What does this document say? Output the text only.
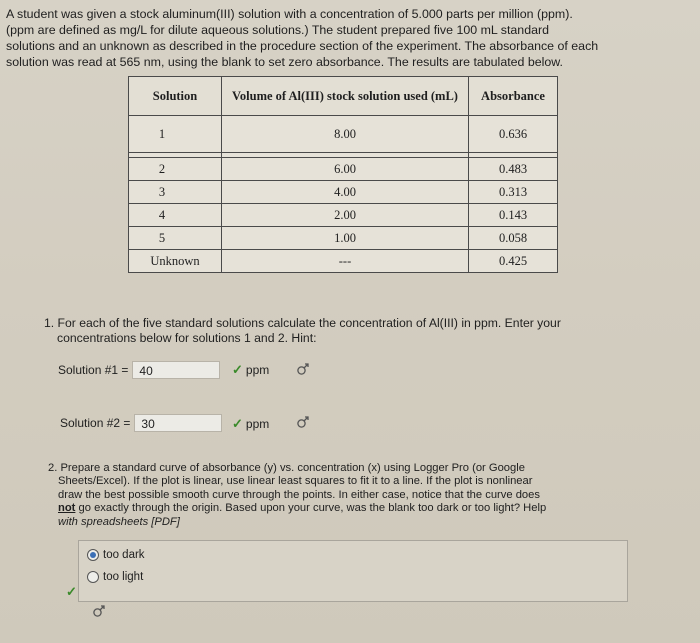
A student was given a stock aluminum(III) solution with a concentration of 5.000 parts per million (ppm).
(ppm are defined as mg/L for dilute aqueous solutions.) The student prepared five 100 mL standard
solutions and an unknown as described in the procedure section of the experiment. The absorbance of each
solution was read at 565 nm, using the blank to set zero absorbance. The results are tabulated below.
Solution	Volume of Al(III) stock solution used (mL)	Absorbance
1	8.00	0.636

2	6.00	0.483
3	4.00	0.313
4	2.00	0.143
5	1.00	0.058
Unknown	---	0.425
1. For each of the five standard solutions calculate the concentration of Al(III) in ppm. Enter your
concentrations below for solutions 1 and 2. Hint:
Solution #1 = 40	✓ ppm
Solution #2 = 30	✓ ppm
2. Prepare a standard curve of absorbance (y) vs. concentration (x) using Logger Pro (or Google
Sheets/Excel). If the plot is linear, use linear least squares to fit it to a line. If the plot is nonlinear
draw the best possible smooth curve through the points. In either case, notice that the curve does
not go exactly through the origin. Based upon your curve, was the blank too dark or too light? Help
with spreadsheets [PDF]
too dark
too light
✓
